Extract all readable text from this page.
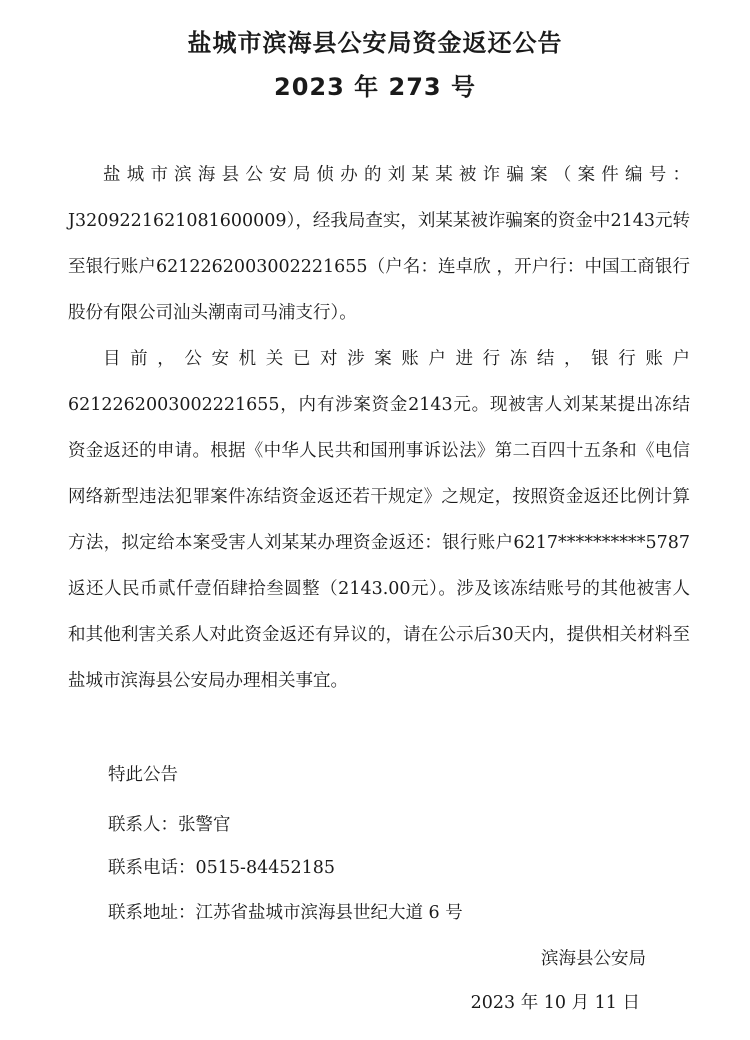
盐城市滨海县公安局资金返还公告
2023 年 273 号

盐城市滨海县公安局侦办的刘某某被诈骗案（案件编号：J3209221621081600009），经我局查实，刘某某被诈骗案的资金中2143元转至银行账户6212262003002221655（户名：连卓欣 ，开户行：中国工商银行股份有限公司汕头潮南司马浦支行）。

目前，公安机关已对涉案账户进行冻结，银行账户6212262003002221655，内有涉案资金2143元。现被害人刘某某提出冻结资金返还的申请。根据《中华人民共和国刑事诉讼法》第二百四十五条和《电信网络新型违法犯罪案件冻结资金返还若干规定》之规定，按照资金返还比例计算方法，拟定给本案受害人刘某某办理资金返还：银行账户6217**********5787返还人民币贰仟壹佰肆拾叁圆整（2143.00元）。涉及该冻结账号的其他被害人和其他利害关系人对此资金返还有异议的，请在公示后30天内，提供相关材料至盐城市滨海县公安局办理相关事宜。

特此公告
联系人：张警官
联系电话：0515-84452185
联系地址：江苏省盐城市滨海县世纪大道 6 号
滨海县公安局
2023 年 10 月 11 日
